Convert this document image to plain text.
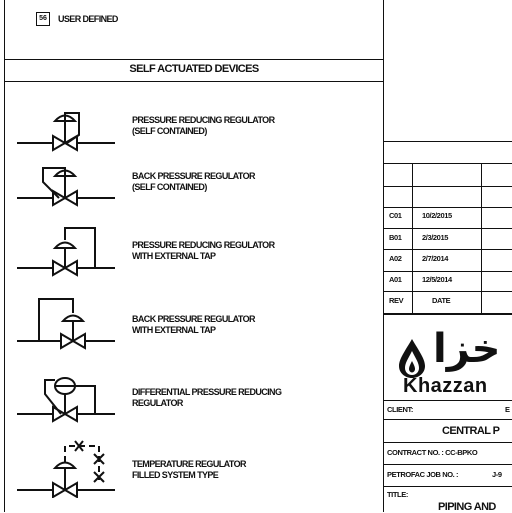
56	USER DEFINED
SELF ACTUATED DEVICES
PRESSURE REDUCING REGULATOR
(SELF CONTAINED)
BACK PRESSURE REGULATOR
(SELF CONTAINED)
PRESSURE REDUCING REGULATOR
WITH EXTERNAL TAP
BACK PRESSURE REGULATOR
WITH EXTERNAL TAP
DIFFERENTIAL PRESSURE REDUCING
REGULATOR
TEMPERATURE REGULATOR
FILLED SYSTEM TYPE
C01	10/2/2015
B01	2/3/2015
A02	2/7/2014
A01	12/5/2014
REV	DATE
خزا
Khazzan
CLIENT:	E
CENTRAL P
CONTRACT NO. : CC-BPKO
PETROFAC JOB NO. :	J-9
TITLE:
PIPING AND
